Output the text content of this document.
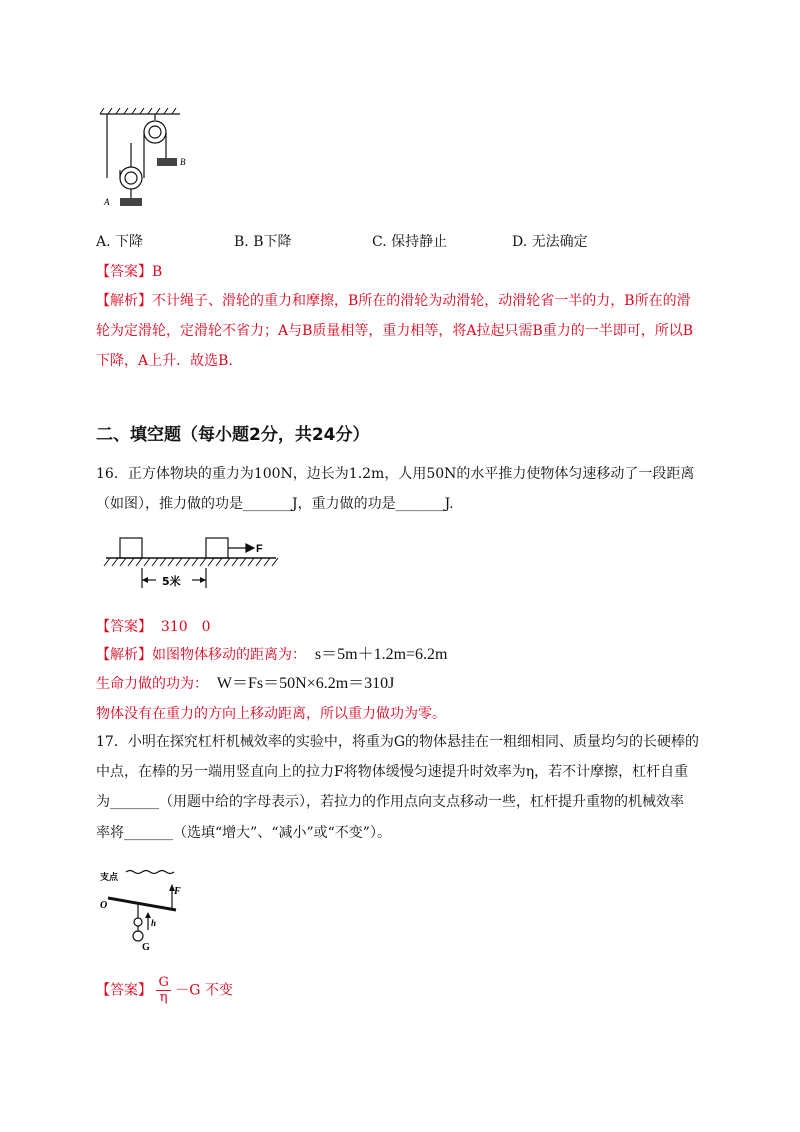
B
A
A. 下降	B. B下降	C. 保持静止	D. 无法确定
【答案】B
【解析】不计绳子、滑轮的重力和摩擦，B所在的滑轮为动滑轮，动滑轮省一半的力，B所在的滑
轮为定滑轮，定滑轮不省力；A与B质量相等，重力相等，将A拉起只需B重力的一半即可，所以B
下降，A上升．故选B.
二、填空题（每小题2分，共24分）
16．正方体物块的重力为100N，边长为1.2m，人用50N的水平推力使物体匀速移动了一段距离
（如图），推力做的功是_______J，重力做的功是_______J.
F
5米
【答案】 310　0
【解析】如图物体移动的距离为： s＝5m＋1.2m=6.2m
生命力做的功为： W＝Fs＝50N×6.2m＝310J
物体没有在重力的方向上移动距离，所以重力做功为零。
17．小明在探究杠杆机械效率的实验中，将重为G的物体悬挂在一粗细相同、质量均匀的长硬棒的
中点，在棒的另一端用竖直向上的拉力F将物体缓慢匀速提升时效率为η，若不计摩擦，杠杆自重
为_______（用题中给的字母表示），若拉力的作用点向支点移动一些，杠杆提升重物的机械效率
率将_______（选填“增大”、“减小”或“不变”）。
支点
O
F
h
G
【答案】 $\frac{G}{\eta} -G$ 不变
